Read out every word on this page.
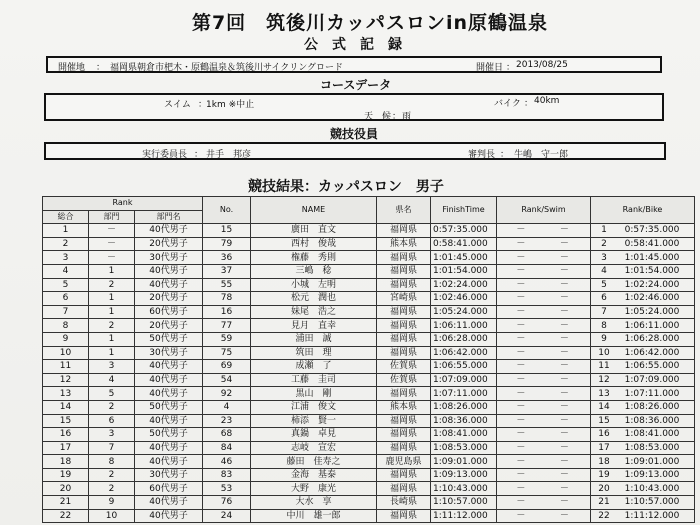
第7回　筑後川カッパスロンin原鶴温泉
公式記録
開催地 ： 福岡県朝倉市杷木・原鶴温泉＆筑後川サイクリングロード	開催日 ： 2013/08/25
コースデータ
スイム ：
1km ※中止	バイク ： 40km
天　候 ： 雨
競技役員
実行委員長 ： 井手　邦彦	審判長 ： 牛嶋　守一郎
競技結果：カッパスロン　男子
Rank			No.	NAME	県名	FinishTime	Rank/Swim	Rank/Bike
総合	部門	部門名						
1	－	40代男子	15	廣田　直文	福岡県	0:57:35.000	－ －	1 0:57:35.000
2	－	20代男子	79	西村　俊哉	熊本県	0:58:41.000	－ －	2 0:58:41.000
3	－	30代男子	36	権藤　秀則	福岡県	1:01:45.000	－ －	3 1:01:45.000
4	1	40代男子	37	三嶋　稔	福岡県	1:01:54.000	－ －	4 1:01:54.000
5	2	40代男子	55	小城　左明	福岡県	1:02:24.000	－ －	5 1:02:24.000
6	1	20代男子	78	松元　潤也	宮崎県	1:02:46.000	－ －	6 1:02:46.000
7	1	60代男子	16	妹尾　浩之	福岡県	1:05:24.000	－ －	7 1:05:24.000
8	2	20代男子	77	見月　直幸	福岡県	1:06:11.000	－ －	8 1:06:11.000
9	1	50代男子	59	浦田　誠	福岡県	1:06:28.000	－ －	9 1:06:28.000
10	1	30代男子	75	筑田　理	福岡県	1:06:42.000	－ －	10 1:06:42.000
11	3	40代男子	69	成瀬　了	佐賀県	1:06:55.000	－ －	11 1:06:55.000
12	4	40代男子	54	工藤　圭司	佐賀県	1:07:09.000	－ －	12 1:07:09.000
13	5	40代男子	92	黒山　剛	福岡県	1:07:11.000	－ －	13 1:07:11.000
14	2	50代男子	4	江浦　俊文	熊本県	1:08:26.000	－ －	14 1:08:26.000
15	6	40代男子	23	柿添　賢一	福岡県	1:08:36.000	－ －	15 1:08:36.000
16	3	50代男子	68	真鍋　卓見	福岡県	1:08:41.000	－ －	16 1:08:41.000
17	7	40代男子	84	志岐　宣宏	福岡県	1:08:53.000	－ －	17 1:08:53.000
18	8	40代男子	46	藤田　佳寿之	鹿児島県	1:09:01.000	－ －	18 1:09:01.000
19	2	30代男子	83	金海　基泰	福岡県	1:09:13.000	－ －	19 1:09:13.000
20	2	60代男子	53	大野　康光	福岡県	1:10:43.000	－ －	20 1:10:43.000
21	9	40代男子	76	大水　享	長崎県	1:10:57.000	－ －	21 1:10:57.000
22	10	40代男子	24	中川　雄一郎	福岡県	1:11:12.000	－ －	22 1:11:12.000
